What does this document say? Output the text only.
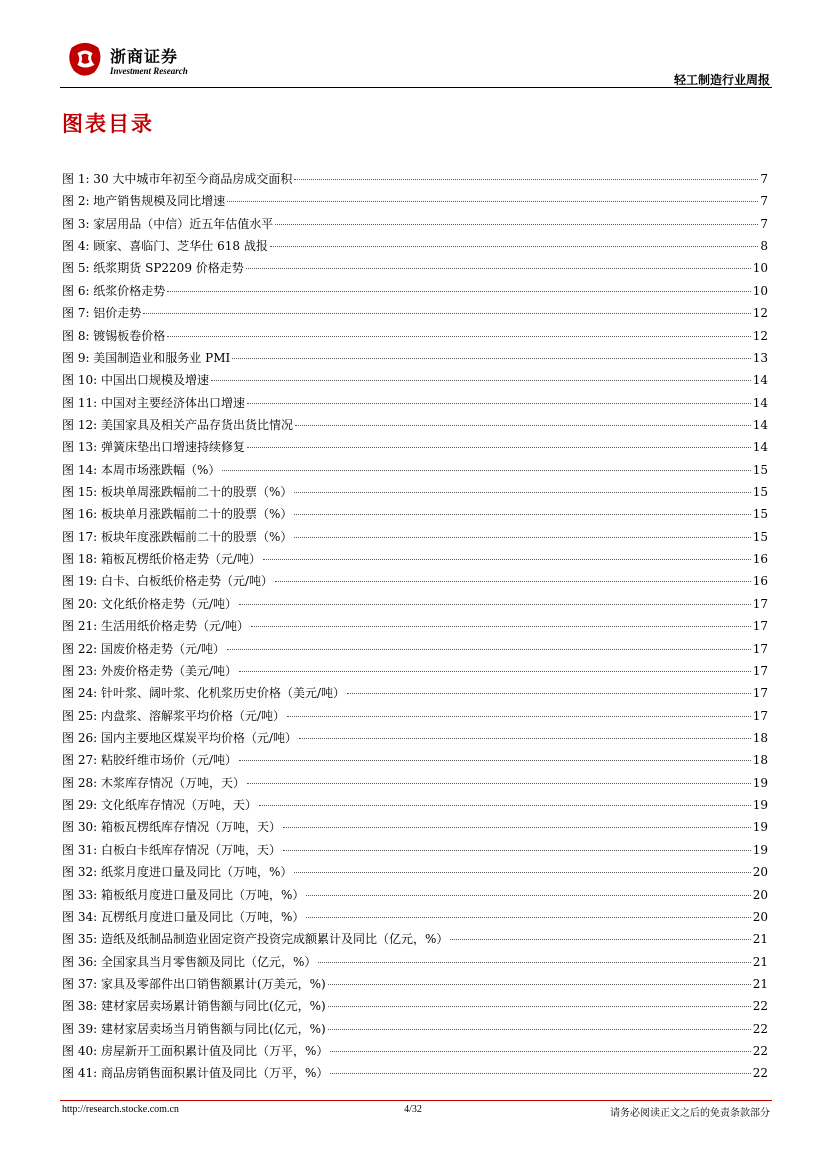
浙商证券
Investment Research
轻工制造行业周报
图表目录
图 1: 30 大中城市年初至今商品房成交面积	7
图 2: 地产销售规模及同比增速	7
图 3: 家居用品（中信）近五年估值水平	7
图 4: 顾家、喜临门、芝华仕 618 战报	8
图 5: 纸浆期货 SP2209 价格走势	10
图 6: 纸浆价格走势	10
图 7: 铝价走势	12
图 8: 镀锡板卷价格	12
图 9: 美国制造业和服务业 PMI	13
图 10: 中国出口规模及增速	14
图 11: 中国对主要经济体出口增速	14
图 12: 美国家具及相关产品存货出货比情况	14
图 13: 弹簧床垫出口增速持续修复	14
图 14: 本周市场涨跌幅（%）	15
图 15: 板块单周涨跌幅前二十的股票（%）	15
图 16: 板块单月涨跌幅前二十的股票（%）	15
图 17: 板块年度涨跌幅前二十的股票（%）	15
图 18: 箱板瓦楞纸价格走势（元/吨）	16
图 19: 白卡、白板纸价格走势（元/吨）	16
图 20: 文化纸价格走势（元/吨）	17
图 21: 生活用纸价格走势（元/吨）	17
图 22: 国废价格走势（元/吨）	17
图 23: 外废价格走势（美元/吨）	17
图 24: 针叶浆、阔叶浆、化机浆历史价格（美元/吨）	17
图 25: 内盘浆、溶解浆平均价格（元/吨）	17
图 26: 国内主要地区煤炭平均价格（元/吨）	18
图 27: 粘胶纤维市场价（元/吨）	18
图 28: 木浆库存情况（万吨，天）	19
图 29: 文化纸库存情况（万吨，天）	19
图 30: 箱板瓦楞纸库存情况（万吨，天）	19
图 31: 白板白卡纸库存情况（万吨，天）	19
图 32: 纸浆月度进口量及同比（万吨，%）	20
图 33: 箱板纸月度进口量及同比（万吨，%）	20
图 34: 瓦楞纸月度进口量及同比（万吨，%）	20
图 35: 造纸及纸制品制造业固定资产投资完成额累计及同比（亿元，%）	21
图 36: 全国家具当月零售额及同比（亿元，%）	21
图 37: 家具及零部件出口销售额累计(万美元，%)	21
图 38: 建材家居卖场累计销售额与同比(亿元，%)	22
图 39: 建材家居卖场当月销售额与同比(亿元，%)	22
图 40: 房屋新开工面积累计值及同比（万平，%）	22
图 41: 商品房销售面积累计值及同比（万平，%）	22
http://research.stocke.com.cn	4/32	请务必阅读正文之后的免责条款部分
